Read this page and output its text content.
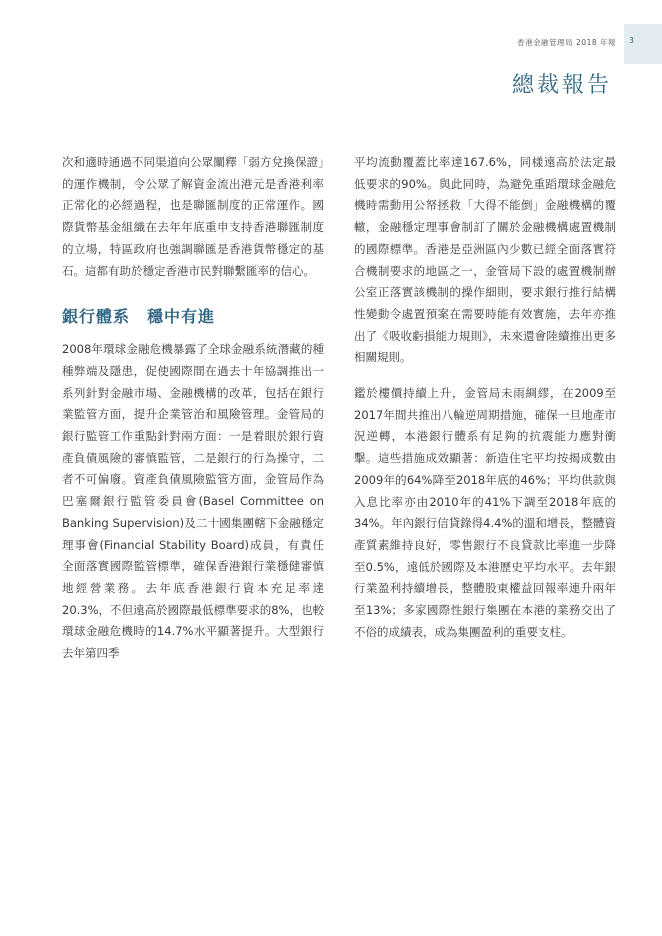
3
香港金融管理局 2018 年報
總裁報告

次和適時通過不同渠道向公眾闡釋「弱方兌換保證」的運作機制，令公眾了解資金流出港元是香港利率正常化的必經過程，也是聯匯制度的正常運作。國際貨幣基金組織在去年年底重申支持香港聯匯制度的立場，特區政府也強調聯匯是香港貨幣穩定的基石。這都有助於穩定香港市民對聯繫匯率的信心。

銀行體系　穩中有進

2008年環球金融危機暴露了全球金融系統潛藏的種種弊端及隱患，促使國際間在過去十年協調推出一系列針對金融市場、金融機構的改革，包括在銀行業監管方面，提升企業管治和風險管理。金管局的銀行監管工作重點針對兩方面：一是着眼於銀行資產負債風險的審慎監管，二是銀行的行為操守，二者不可偏廢。資產負債風險監管方面，金管局作為巴塞爾銀行監管委員會(Basel Committee on Banking Supervision)及二十國集團轄下金融穩定理事會(Financial Stability Board)成員，有責任全面落實國際監管標準，確保香港銀行業穩健審慎地經營業務。去年底香港銀行資本充足率達20.3%，不但遠高於國際最低標準要求的8%，也較環球金融危機時的14.7%水平顯著提升。大型銀行去年第四季

平均流動覆蓋比率達167.6%，同樣遠高於法定最低要求的90%。與此同時，為避免重蹈環球金融危機時需動用公帑拯救「大得不能倒」金融機構的覆轍，金融穩定理事會制訂了關於金融機構處置機制的國際標準。香港是亞洲區內少數已經全面落實符合機制要求的地區之一，金管局下設的處置機制辦公室正落實該機制的操作細則，要求銀行推行結構性變動令處置預案在需要時能有效實施，去年亦推出了《吸收虧損能力規則》，未來還會陸續推出更多相關規則。

鑑於樓價持續上升，金管局未雨綢繆，在2009至2017年間共推出八輪逆周期措施，確保一旦地產市況逆轉，本港銀行體系有足夠的抗震能力應對衝擊。這些措施成效顯著：新造住宅平均按揭成數由2009年的64%降至2018年底的46%；平均供款與入息比率亦由2010年的41%下調至2018年底的34%。年內銀行信貸錄得4.4%的溫和增長，整體資產質素維持良好，零售銀行不良貸款比率進一步降至0.5%，遠低於國際及本港歷史平均水平。去年銀行業盈利持續增長，整體股東權益回報率連升兩年至13%；多家國際性銀行集團在本港的業務交出了不俗的成績表，成為集團盈利的重要支柱。
